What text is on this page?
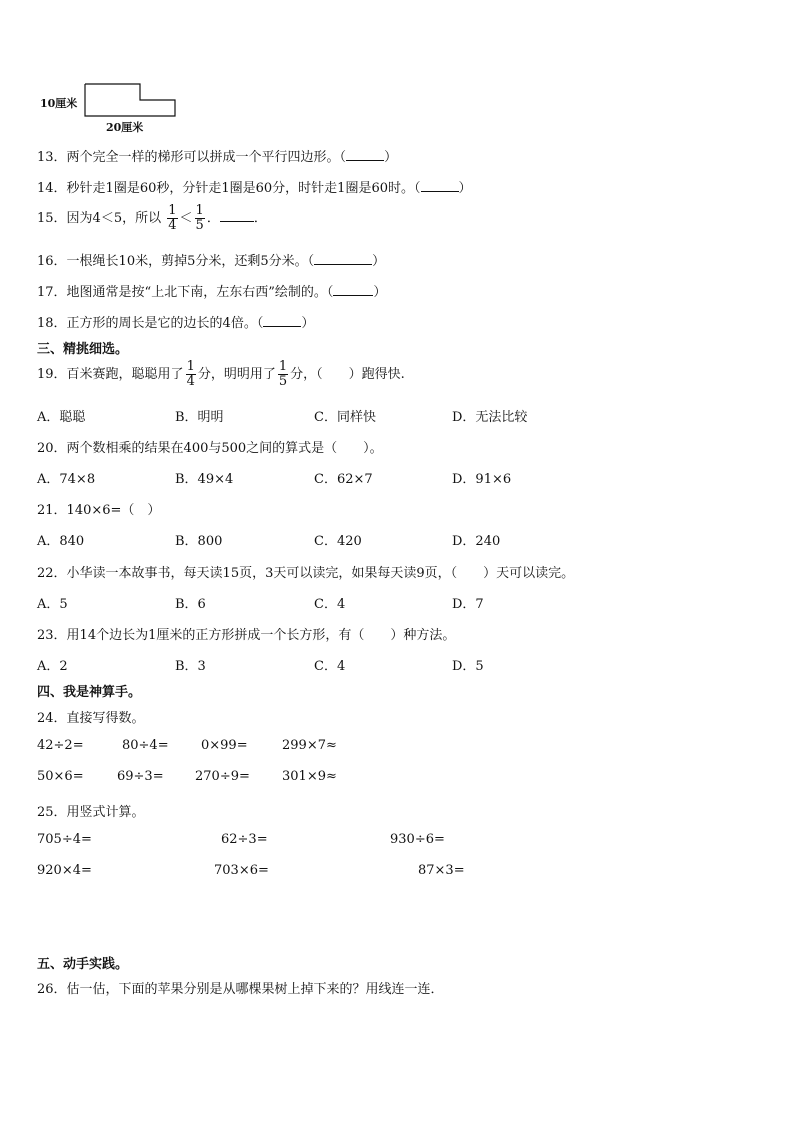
10厘米
20厘米
13．两个完全一样的梯形可以拼成一个平行四边形。（	）
14．秒针走1圈是60秒，分针走1圈是60分，时针走1圈是60时。（	）
15．因为4＜5，所以 $\frac{1}{4} < \frac{1}{5}$ ．	．
16．一根绳长10米，剪掉5分米，还剩5分米。（	）
17．地图通常是按“上北下南，左东右西”绘制的。（	）
18．正方形的周长是它的边长的4倍。（	）
三、精挑细选。
19．百米赛跑，聪聪用了 $\frac{1}{4}$ 分，明明用了 $\frac{1}{5}$ 分，（　　）跑得快.
A．聪聪	B．明明	C．同样快	D．无法比较
20．两个数相乘的结果在400与500之间的算式是（　　）。
A．74×8	B．49×4	C．62×7	D．91×6
21．140×6=（　）
A．840	B．800	C．420	D．240
22．小华读一本故事书，每天读15页，3天可以读完，如果每天读9页，（　　）天可以读完。
A．5	B．6	C．4	D．7
23．用14个边长为1厘米的正方形拼成一个长方形，有（　　）种方法。
A．2	B．3	C．4	D．5
四、我是神算手。
24．直接写得数。
42÷2=	80÷4= 0×99=	299×7≈
50×6=	69÷3= 270÷9= 301×9≈
25．用竖式计算。
705÷4=	62÷3=	930÷6=
920×4=	703×6=	87×3=
五、动手实践。
26．估一估，下面的苹果分别是从哪棵果树上掉下来的？用线连一连．
